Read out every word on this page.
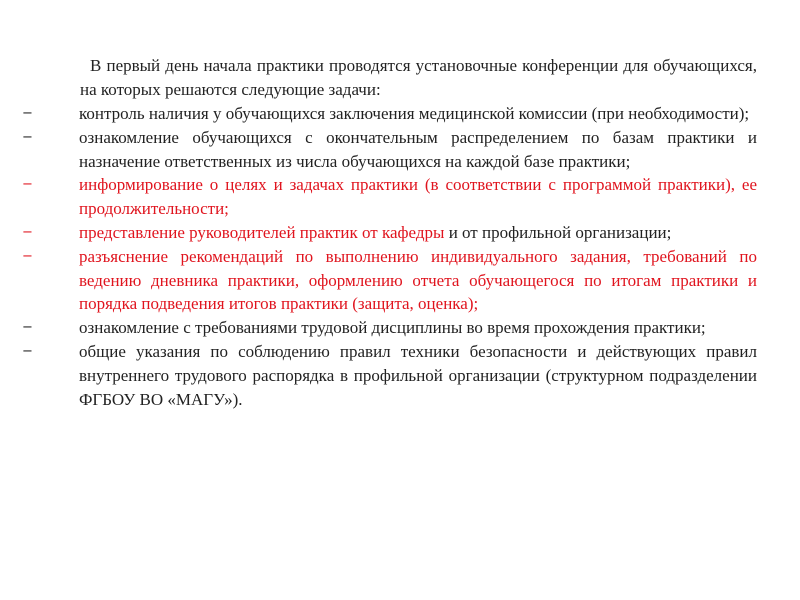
В первый день начала практики проводятся установочные конференции для обучающихся, на которых решаются следующие задачи:

−	контроль наличия у обучающихся заключения медицинской комиссии (при необходимости);
−	ознакомление обучающихся с окончательным распределением по базам практики и назначение ответственных из числа обучающихся на каждой базе практики;
−	информирование о целях и задачах практики (в соответствии с программой практики), ее продолжительности;
−	представление руководителей практик от кафедры и от профильной организации;
−	разъяснение рекомендаций по выполнению индивидуального задания, требований по ведению дневника практики, оформлению отчета обучающегося по итогам практики и порядка подведения итогов практики (защита, оценка);
−	ознакомление с требованиями трудовой дисциплины во время прохождения практики;
−	общие указания по соблюдению правил техники безопасности и действующих правил внутреннего трудового распорядка в профильной организации (структурном подразделении ФГБОУ ВО «МАГУ»).
